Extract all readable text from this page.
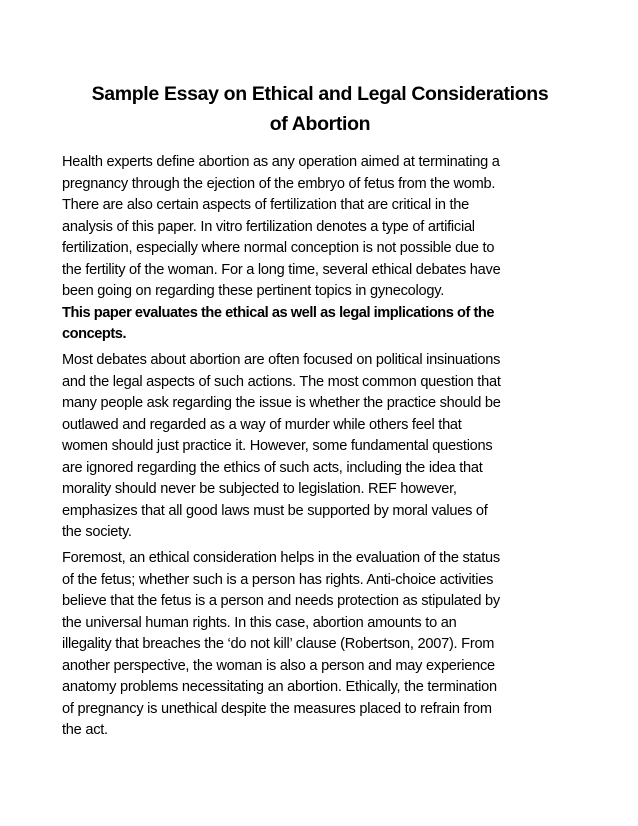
Sample Essay on Ethical and Legal Considerations
of Abortion
Health experts define abortion as any operation aimed at terminating a
pregnancy through the ejection of the embryo of fetus from the womb.
There are also certain aspects of fertilization that are critical in the
analysis of this paper. In vitro fertilization denotes a type of artificial
fertilization, especially where normal conception is not possible due to
the fertility of the woman. For a long time, several ethical debates have
been going on regarding these pertinent topics in gynecology.
This paper evaluates the ethical as well as legal implications of the
concepts.
Most debates about abortion are often focused on political insinuations
and the legal aspects of such actions. The most common question that
many people ask regarding the issue is whether the practice should be
outlawed and regarded as a way of murder while others feel that
women should just practice it. However, some fundamental questions
are ignored regarding the ethics of such acts, including the idea that
morality should never be subjected to legislation. REF however,
emphasizes that all good laws must be supported by moral values of
the society.
Foremost, an ethical consideration helps in the evaluation of the status
of the fetus; whether such is a person has rights. Anti-choice activities
believe that the fetus is a person and needs protection as stipulated by
the universal human rights. In this case, abortion amounts to an
illegality that breaches the ‘do not kill’ clause (Robertson, 2007). From
another perspective, the woman is also a person and may experience
anatomy problems necessitating an abortion. Ethically, the termination
of pregnancy is unethical despite the measures placed to refrain from
the act.
